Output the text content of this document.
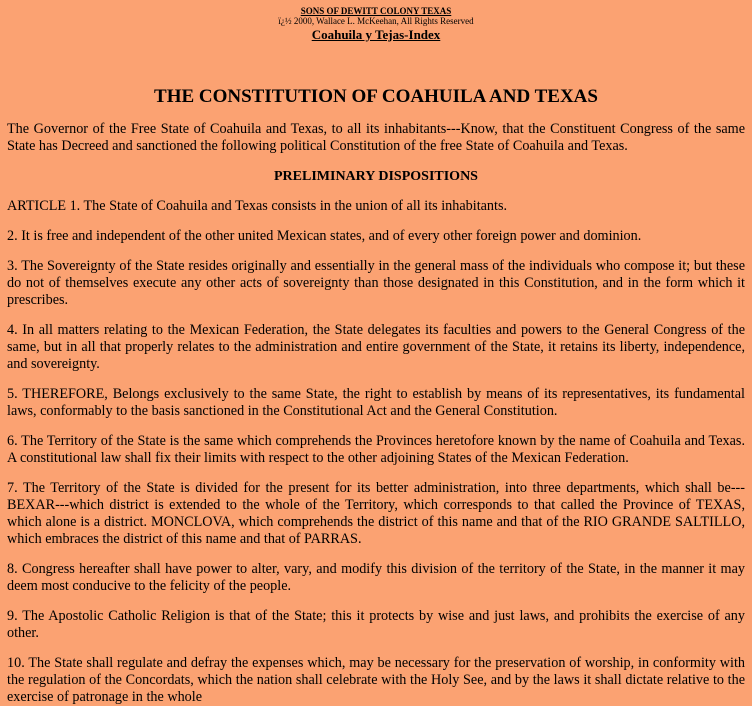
SONS OF DEWITT COLONY TEXAS
ï¿½ 2000, Wallace L. McKeehan, All Rights Reserved
Coahuila y Tejas-Index
THE CONSTITUTION OF COAHUILA AND TEXAS

The Governor of the Free State of Coahuila and Texas, to all its inhabitants---Know, that the Constituent Congress of the same State has Decreed and sanctioned the following political Constitution of the free State of Coahuila and Texas.

PRELIMINARY DISPOSITIONS

ARTICLE 1. The State of Coahuila and Texas consists in the union of all its inhabitants.

2. It is free and independent of the other united Mexican states, and of every other foreign power and dominion.

3. The Sovereignty of the State resides originally and essentially in the general mass of the individuals who compose it; but these do not of themselves execute any other acts of sovereignty than those designated in this Constitution, and in the form which it prescribes.

4. In all matters relating to the Mexican Federation, the State delegates its faculties and powers to the General Congress of the same, but in all that properly relates to the administration and entire government of the State, it retains its liberty, independence, and sovereignty.

5. THEREFORE, Belongs exclusively to the same State, the right to establish by means of its representatives, its fundamental laws, conformably to the basis sanctioned in the Constitutional Act and the General Constitution.

6. The Territory of the State is the same which comprehends the Provinces heretofore known by the name of Coahuila and Texas. A constitutional law shall fix their limits with respect to the other adjoining States of the Mexican Federation.

7. The Territory of the State is divided for the present for its better administration, into three departments, which shall be---BEXAR---which district is extended to the whole of the Territory, which corresponds to that called the Province of TEXAS, which alone is a district. MONCLOVA, which comprehends the district of this name and that of the RIO GRANDE SALTILLO, which embraces the district of this name and that of PARRAS.

8. Congress hereafter shall have power to alter, vary, and modify this division of the territory of the State, in the manner it may deem most conducive to the felicity of the people.

9. The Apostolic Catholic Religion is that of the State; this it protects by wise and just laws, and prohibits the exercise of any other.

10. The State shall regulate and defray the expenses which, may be necessary for the preservation of worship, in conformity with the regulation of the Concordats, which the nation shall celebrate with the Holy See, and by the laws it shall dictate relative to the exercise of patronage in the whole
